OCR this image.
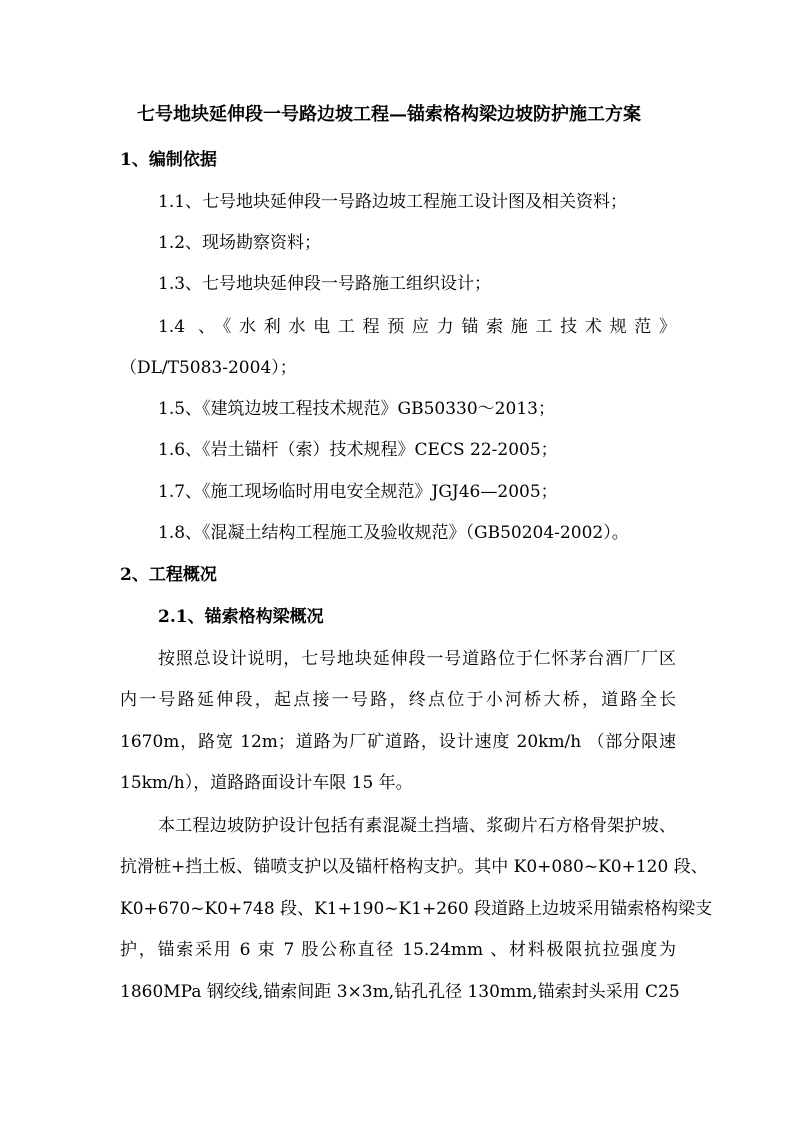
七号地块延伸段一号路边坡工程—锚索格构梁边坡防护施工方案
1、编制依据
1.1、七号地块延伸段一号路边坡工程施工设计图及相关资料；
1.2、现场勘察资料；
1.3、七号地块延伸段一号路施工组织设计；
1.4 、《水利水电工程预应力锚索施工技术规范》
（DL/T5083-2004）；
1.5、《建筑边坡工程技术规范》GB50330～2013；
1.6、《岩土锚杆（索）技术规程》CECS 22-2005；
1.7、《施工现场临时用电安全规范》JGJ46—2005；
1.8、《混凝土结构工程施工及验收规范》（GB50204-2002）。
2、工程概况
2.1、锚索格构梁概况
按照总设计说明，七号地块延伸段一号道路位于仁怀茅台酒厂厂区
内一号路延伸段，起点接一号路，终点位于小河桥大桥，道路全长
1670m，路宽 12m；道路为厂矿道路，设计速度 20km/h （部分限速
15km/h），道路路面设计车限 15 年。
本工程边坡防护设计包括有素混凝土挡墙、浆砌片石方格骨架护坡、
抗滑桩+挡土板、锚喷支护以及锚杆格构支护。其中 K0+080~K0+120 段、
K0+670~K0+748 段、K1+190~K1+260 段道路上边坡采用锚索格构梁支
护，锚索采用 6 束 7 股公称直径 15.24mm 、材料极限抗拉强度为
1860MPa 钢绞线,锚索间距 3×3m,钻孔孔径 130mm,锚索封头采用 C25
